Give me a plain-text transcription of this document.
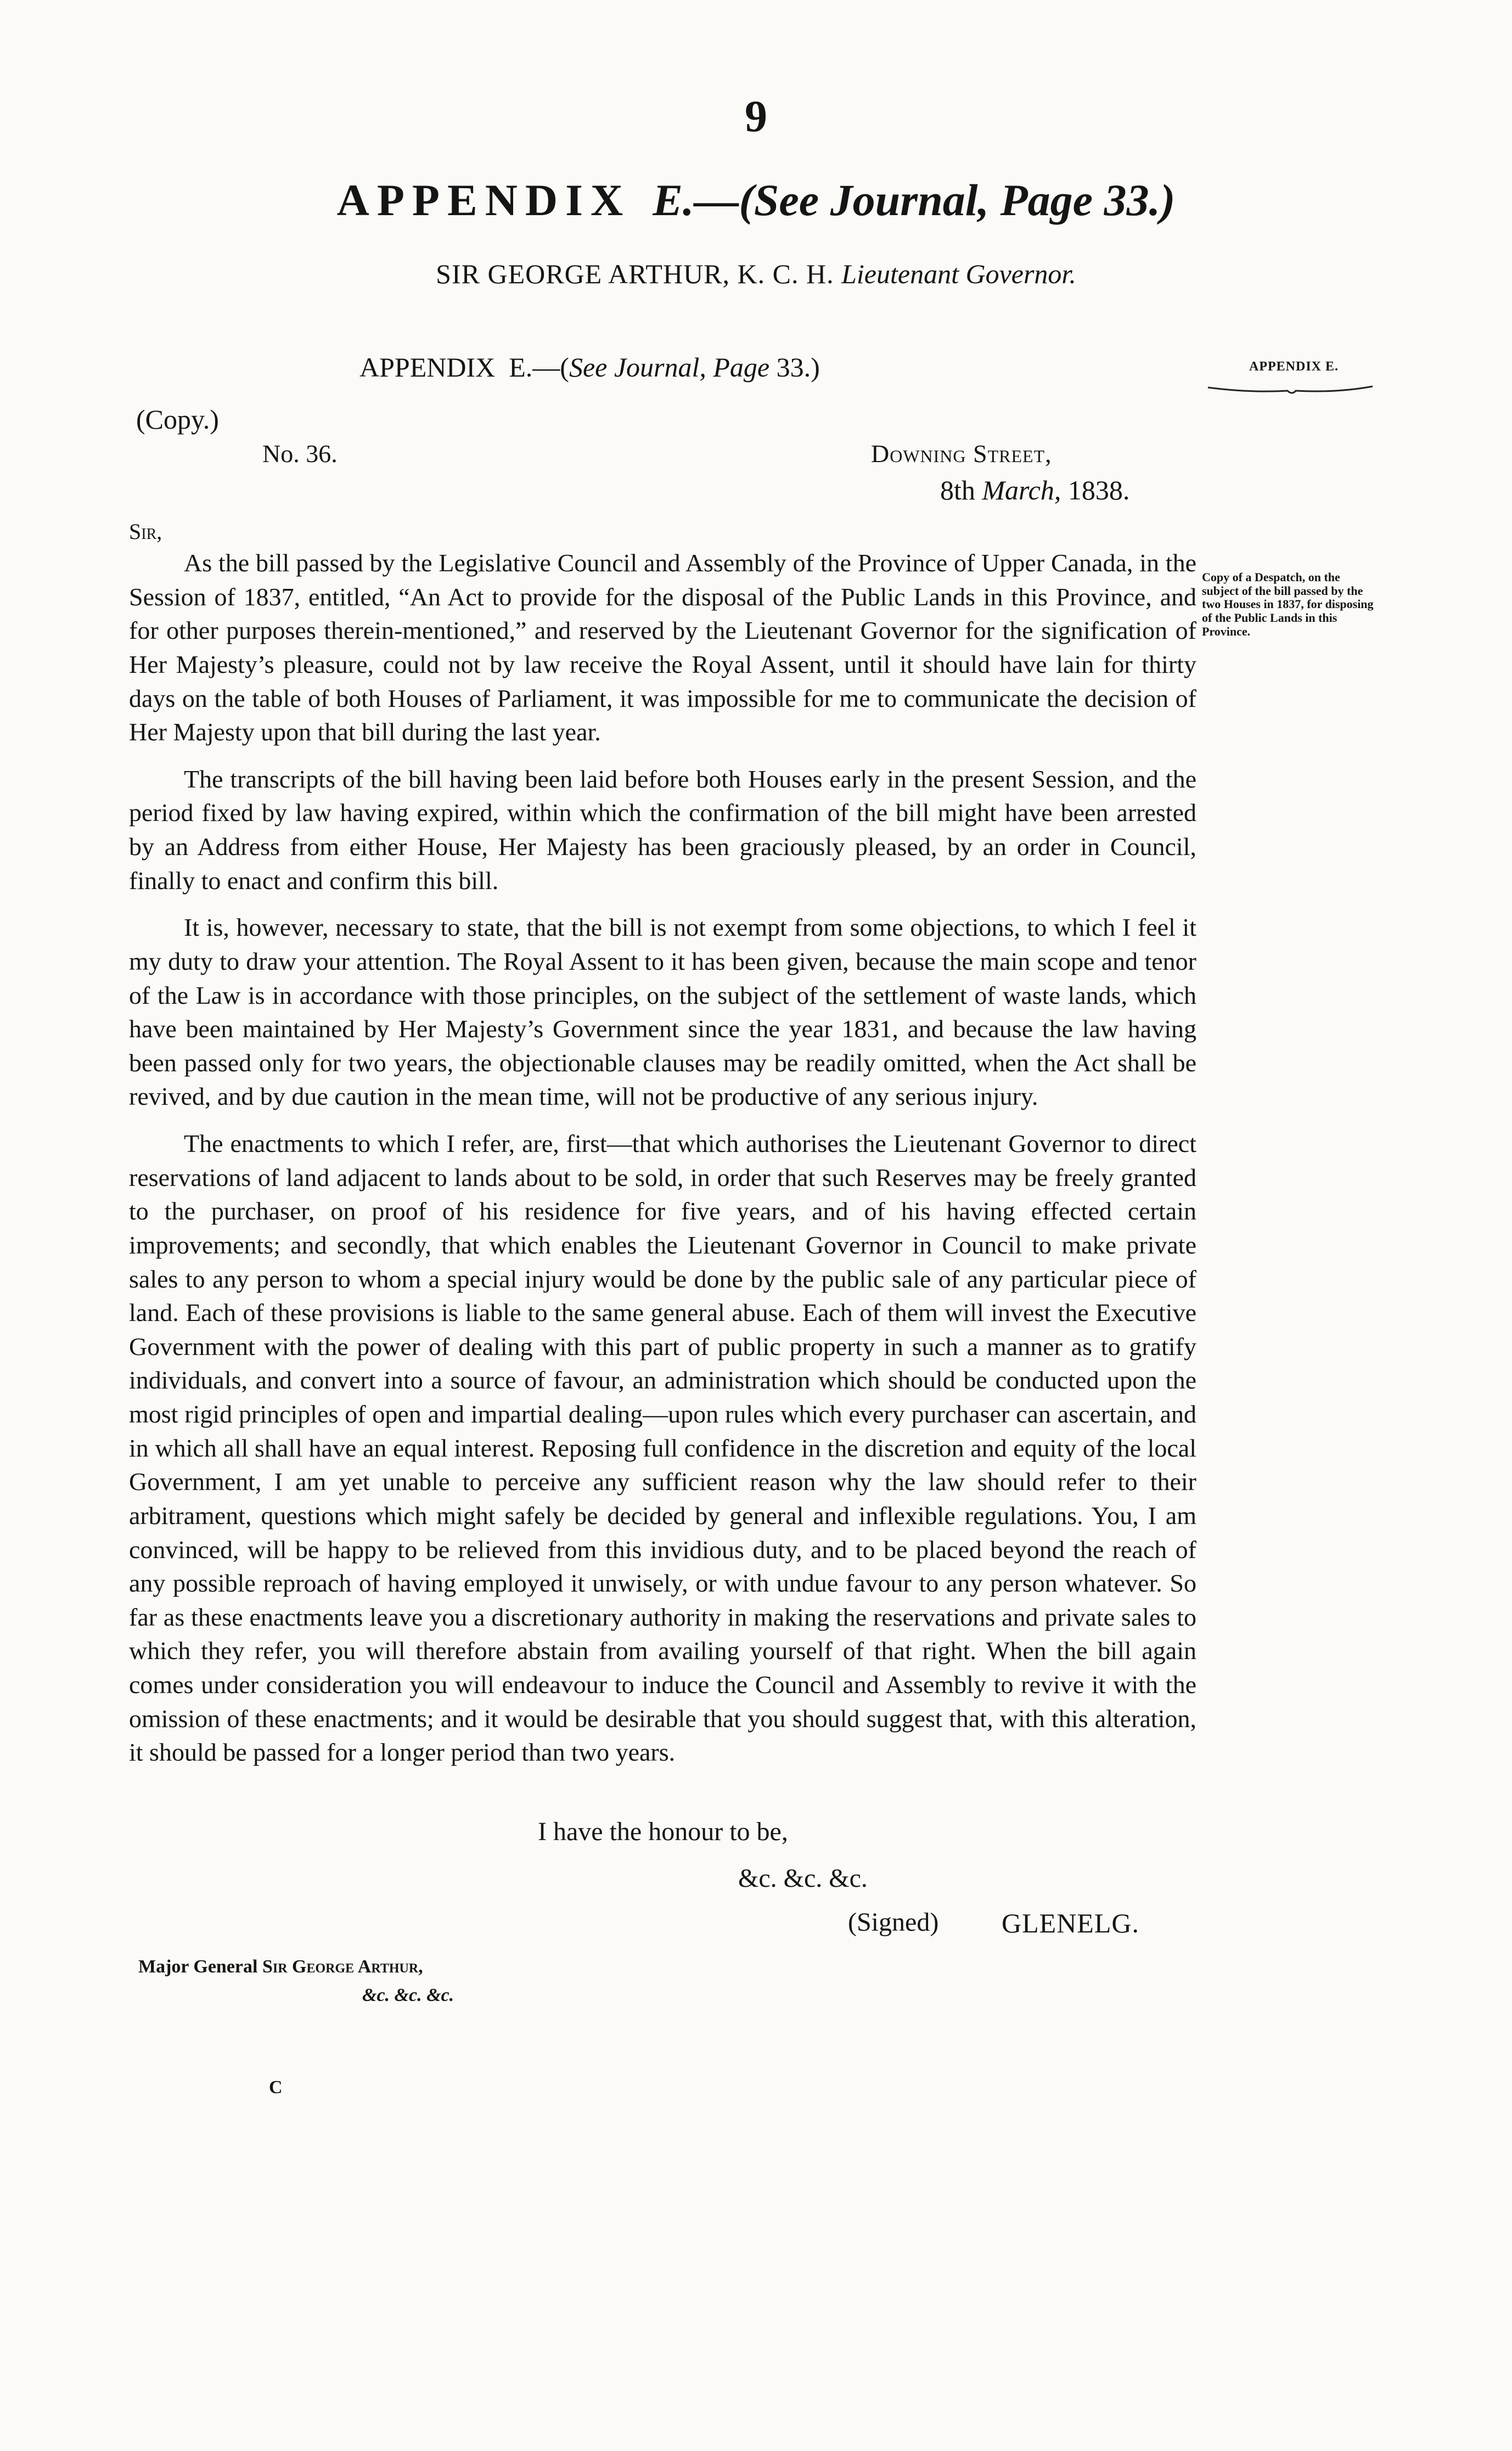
9
APPENDIX E.—(See Journal, Page 33.)
SIR GEORGE ARTHUR, K. C. H. Lieutenant Governor.
APPENDIX E.—(See Journal, Page 33.)	APPENDIX E.
(Copy.)
No. 36.	Downing Street,
8th March, 1838.
Sir,

As the bill passed by the Legislative Council and Assembly of the Province of Upper Canada, in the Session of 1837, entitled, “An Act to provide for the disposal of the Public Lands in this Province, and for other purposes therein-mentioned,” and reserved by the Lieutenant Governor for the signification of Her Majesty’s pleasure, could not by law receive the Royal Assent, until it should have lain for thirty days on the table of both Houses of Parliament, it was impossible for me to communicate the decision of Her Majesty upon that bill during the last year.

The transcripts of the bill having been laid before both Houses early in the present Session, and the period fixed by law having expired, within which the confirmation of the bill might have been arrested by an Address from either House, Her Majesty has been graciously pleased, by an order in Council, finally to enact and confirm this bill.

It is, however, necessary to state, that the bill is not exempt from some objections, to which I feel it my duty to draw your attention. The Royal Assent to it has been given, because the main scope and tenor of the Law is in accordance with those principles, on the subject of the settlement of waste lands, which have been maintained by Her Majesty’s Government since the year 1831, and because the law having been passed only for two years, the objectionable clauses may be readily omitted, when the Act shall be revived, and by due caution in the mean time, will not be productive of any serious injury.

The enactments to which I refer, are, first—that which authorises the Lieutenant Governor to direct reservations of land adjacent to lands about to be sold, in order that such Reserves may be freely granted to the purchaser, on proof of his residence for five years, and of his having effected certain improvements; and secondly, that which enables the Lieutenant Governor in Council to make private sales to any person to whom a special injury would be done by the public sale of any particular piece of land. Each of these provisions is liable to the same general abuse. Each of them will invest the Executive Government with the power of dealing with this part of public property in such a manner as to gratify individuals, and convert into a source of favour, an administration which should be conducted upon the most rigid principles of open and impartial dealing—upon rules which every purchaser can ascertain, and in which all shall have an equal interest. Reposing full confidence in the discretion and equity of the local Government, I am yet unable to perceive any sufficient reason why the law should refer to their arbitrament, questions which might safely be decided by general and inflexible regulations. You, I am convinced, will be happy to be relieved from this invidious duty, and to be placed beyond the reach of any possible reproach of having employed it unwisely, or with undue favour to any person whatever. So far as these enactments leave you a discretionary authority in making the reservations and private sales to which they refer, you will therefore abstain from availing yourself of that right. When the bill again comes under consideration you will endeavour to induce the Council and Assembly to revive it with the omission of these enactments; and it would be desirable that you should suggest that, with this alteration, it should be passed for a longer period than two years.

Copy of a Despatch, on the subject of the bill passed by the two Houses in 1837, for disposing of the Public Lands in this Province.
I have the honour to be,
&c. &c. &c.
(Signed) GLENELG.
Major General Sir George Arthur,
&c. &c. &c.
C
